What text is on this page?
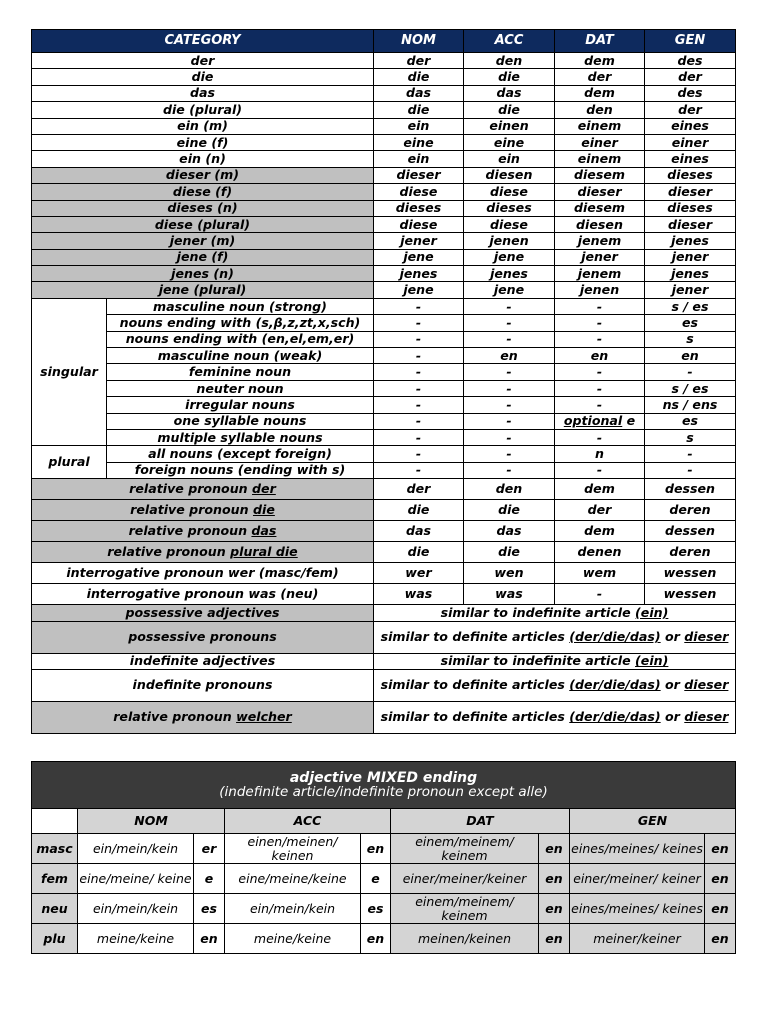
CATEGORY		NOM	ACC	DAT	GEN
der		der	den	dem	des
die		die	die	der	der
das		das	das	dem	des
die (plural)		die	die	den	der
ein (m)		ein	einen	einem	eines
eine (f)		eine	eine	einer	einer
ein (n)		ein	ein	einem	eines
dieser (m)		dieser	diesen	diesem	dieses
diese (f)		diese	diese	dieser	dieser
dieses (n)		dieses	dieses	diesem	dieses
diese (plural)		diese	diese	diesen	dieser
jener (m)		jener	jenen	jenem	jenes
jene (f)		jene	jene	jener	jener
jenes (n)		jenes	jenes	jenem	jenes
jene (plural)		jene	jene	jenen	jener
singular	masculine noun (strong)	-	-	-	s / es
	nouns ending with (s,β,z,zt,x,sch)	-	-	-	es
	nouns ending with (en,el,em,er)	-	-	-	s
	masculine noun (weak)	-	en	en	en
	feminine noun	-	-	-	-
	neuter noun	-	-	-	s / es
	irregular nouns	-	-	-	ns / ens
	one syllable nouns	-	-	optional e	es
	multiple syllable nouns	-	-	-	s
plural	all nouns (except foreign)	-	-	n	-
	foreign nouns (ending with s)	-	-	-	-
relative pronoun der		der	den	dem	dessen
relative pronoun die		die	die	der	deren
relative pronoun das		das	das	dem	dessen
relative pronoun plural die		die	die	denen	deren
interrogative pronoun wer (masc/fem)		wer	wen	wem	wessen
interrogative pronoun was (neu)		was	was	-	wessen
possessive adjectives		similar to indefinite article (ein)			
possessive pronouns		similar to definite articles (der/die/das) or dieser			
indefinite adjectives		similar to indefinite article (ein)			
indefinite pronouns		similar to definite articles (der/die/das) or dieser			
relative pronoun welcher		similar to definite articles (der/die/das) or dieser			
adjective MIXED ending
(indefinite article/indefinite pronoun except alle)								

	NOM		ACC		DAT		GEN	
masc	ein/mein/kein	er	einen/meinen/ keinen	en	einem/meinem/ keinem	en	eines/meines/ keines	en
fem	eine/meine/ keine	e	eine/meine/keine	e	einer/meiner/keiner	en	einer/meiner/ keiner	en
neu	ein/mein/kein	es	ein/mein/kein	es	einem/meinem/ keinem	en	eines/meines/ keines	en
plu	meine/keine	en	meine/keine	en	meinen/keinen	en	meiner/keiner	en
